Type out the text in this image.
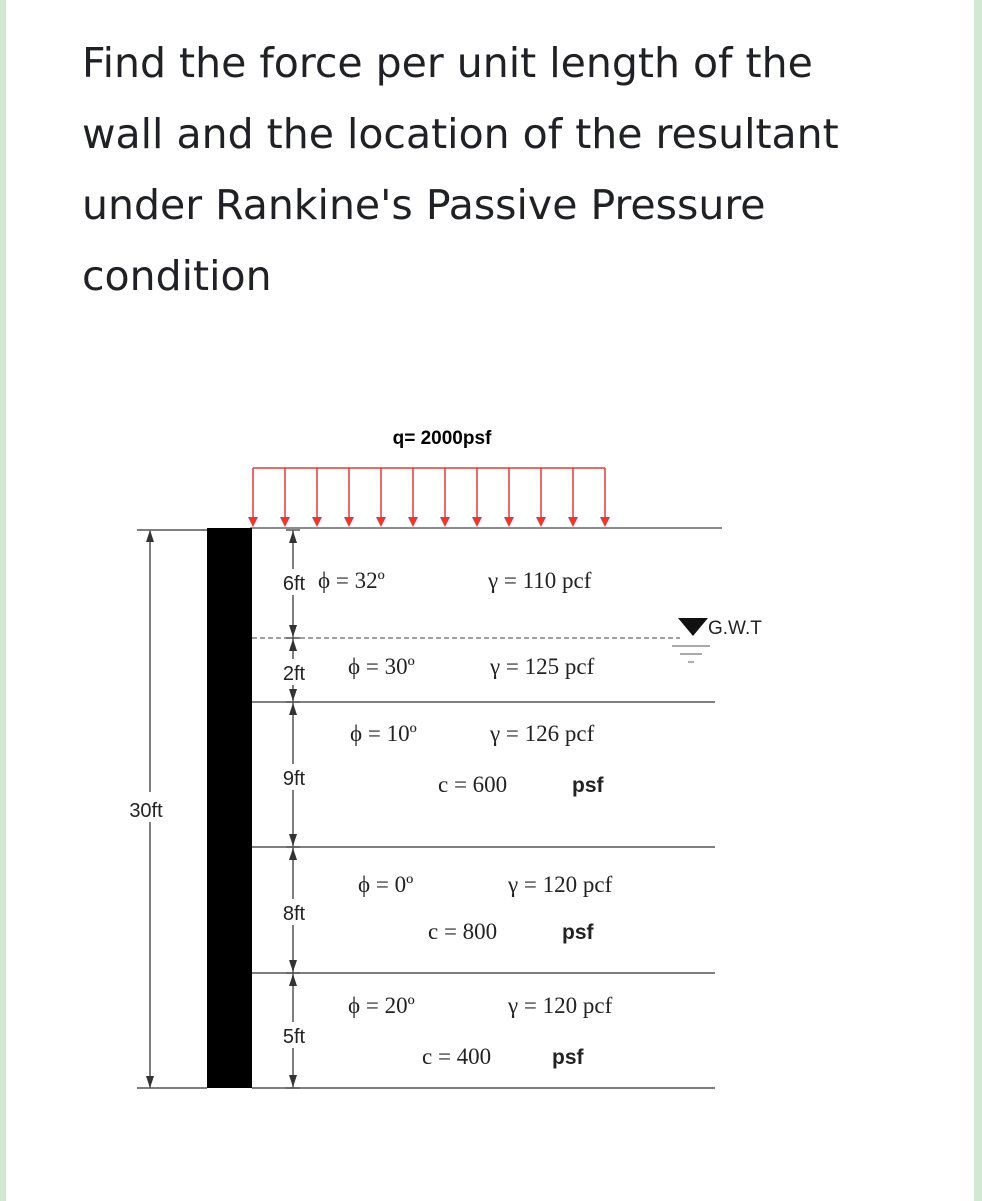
Find the force per unit length of the
wall and the location of the resultant
under Rankine's Passive Pressure
condition
q= 2000psf
G.W.T
30ft
6ft ϕ = 32º	γ = 110 pcf
2ft ϕ = 30º	γ = 125 pcf
9ft
ϕ = 10º	γ = 126 pcf
c = 600	psf
8ft
ϕ = 0º	γ = 120 pcf
c = 800	psf
5ft
ϕ = 20º	γ = 120 pcf
c = 400	psf
